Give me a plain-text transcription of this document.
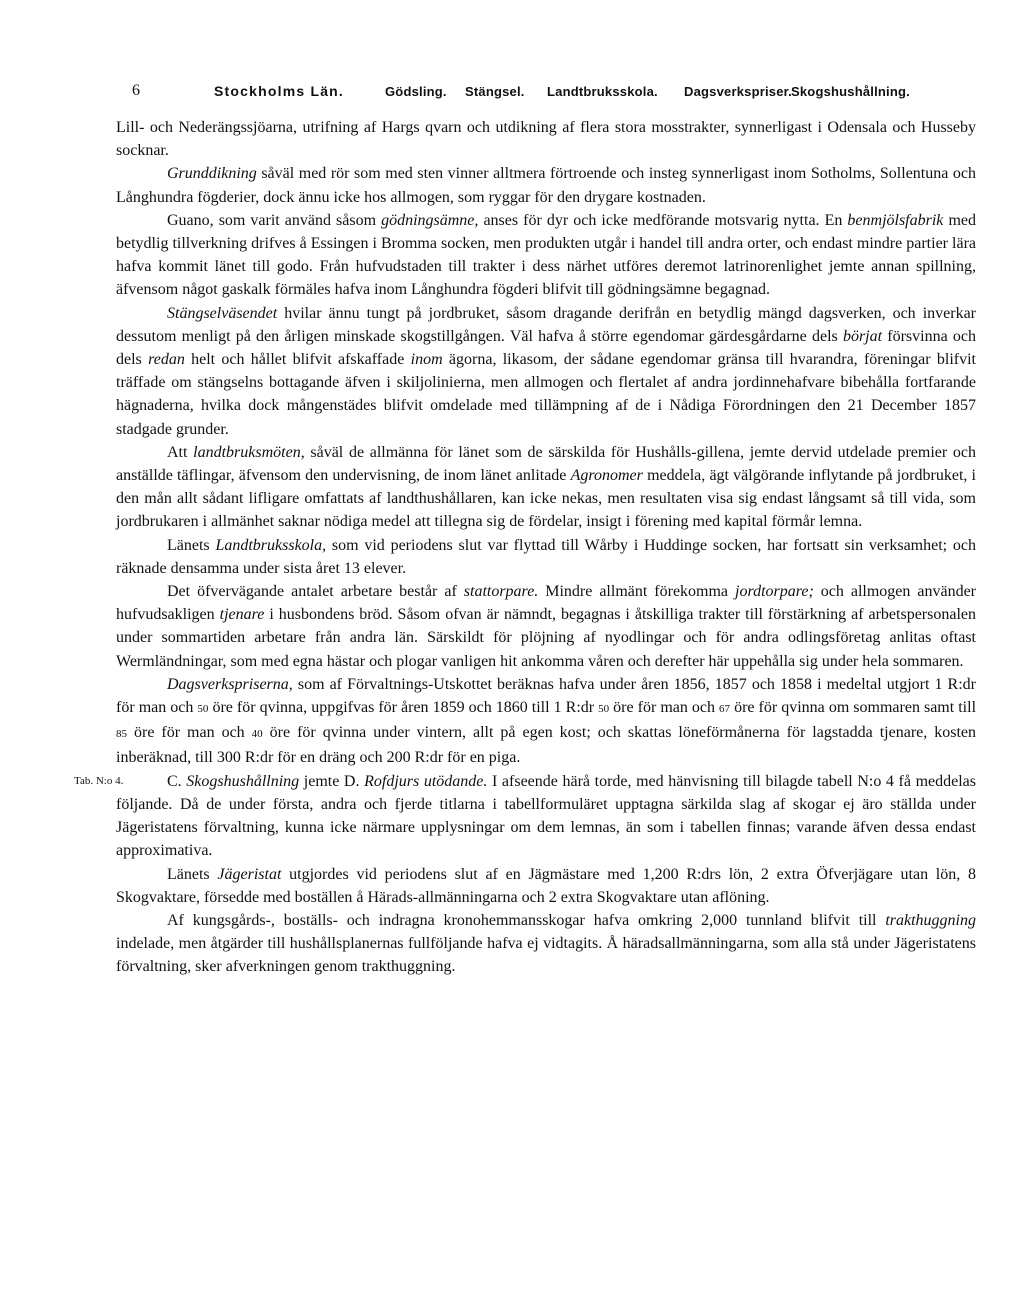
6	Stockholms Län.	Gödsling. Stängsel. Landtbruksskola. Dagsverkspriser. Skogshushållning.

Lill- och Nederängssjöarna, utrifning af Hargs qvarn och utdikning af flera stora mosstrakter, synnerligast i Odensala och Husseby socknar.

Grunddikning såväl med rör som med sten vinner alltmera förtroende och insteg synnerligast inom Sotholms, Sollentuna och Långhundra fögderier, dock ännu icke hos allmogen, som ryggar för den drygare kostnaden.

Guano, som varit använd såsom gödningsämne, anses för dyr och icke medförande motsvarig nytta. En benmjölsfabrik med betydlig tillverkning drifves å Essingen i Bromma socken, men produkten utgår i handel till andra orter, och endast mindre partier lära hafva kommit länet till godo. Från hufvudstaden till trakter i dess närhet utföres deremot latrinorenlighet jemte annan spillning, äfvensom något gaskalk förmäles hafva inom Långhundra fögderi blifvit till gödningsämne begagnad.

Stängselväsendet hvilar ännu tungt på jordbruket, såsom dragande derifrån en betydlig mängd dagsverken, och inverkar dessutom menligt på den årligen minskade skogstillgången. Väl hafva å större egendomar gärdesgårdarne dels börjat försvinna och dels redan helt och hållet blifvit afskaffade inom ägorna, likasom, der sådane egendomar gränsa till hvarandra, föreningar blifvit träffade om stängselns bottagande äfven i skiljolinierna, men allmogen och flertalet af andra jordinnehafvare bibehålla fortfarande hägnaderna, hvilka dock mångenstädes blifvit omdelade med tillämpning af de i Nådiga Förordningen den 21 December 1857 stadgade grunder.

Att landtbruksmöten, såväl de allmänna för länet som de särskilda för Hushålls-gillena, jemte dervid utdelade premier och anställde täflingar, äfvensom den undervisning, de inom länet anlitade Agronomer meddela, ägt välgörande inflytande på jordbruket, i den mån allt sådant lifligare omfattats af landthushållaren, kan icke nekas, men resultaten visa sig endast långsamt så till vida, som jordbrukaren i allmänhet saknar nödiga medel att tillegna sig de fördelar, insigt i förening med kapital förmår lemna.

Länets Landtbruksskola, som vid periodens slut var flyttad till Wårby i Huddinge socken, har fortsatt sin verksamhet; och räknade densamma under sista året 13 elever.

Det öfvervägande antalet arbetare består af stattorpare. Mindre allmänt förekomma jordtorpare; och allmogen använder hufvudsakligen tjenare i husbondens bröd. Såsom ofvan är nämndt, begagnas i åtskilliga trakter till förstärkning af arbetspersonalen under sommartiden arbetare från andra län. Särskildt för plöjning af nyodlingar och för andra odlingsföretag anlitas oftast Wermländningar, som med egna hästar och plogar vanligen hit ankomma våren och derefter här uppehålla sig under hela sommaren.

Dagsverkspriserna, som af Förvaltnings-Utskottet beräknas hafva under åren 1856, 1857 och 1858 i medeltal utgjort 1 R:dr för man och 50 öre för qvinna, uppgifvas för åren 1859 och 1860 till 1 R:dr 50 öre för man och 67 öre för qvinna om sommaren samt till 85 öre för man och 40 öre för qvinna under vintern, allt på egen kost; och skattas löneförmånerna för lagstadda tjenare, kosten inberäknad, till 300 R:dr för en dräng och 200 R:dr för en piga.

Tab. N:o 4.	C. Skogshushållning jemte D. Rofdjurs utödande. I afseende härå torde, med hänvisning till bilagde tabell N:o 4 få meddelas följande. Då de under första, andra och fjerde titlarna i tabellformuläret upptagna särkilda slag af skogar ej äro ställda under Jägeristatens förvaltning, kunna icke närmare upplysningar om dem lemnas, än som i tabellen finnas; varande äfven dessa endast approximativa.

Länets Jägeristat utgjordes vid periodens slut af en Jägmästare med 1,200 R:drs lön, 2 extra Öfverjägare utan lön, 8 Skogvaktare, försedde med boställen å Härads-allmänningarna och 2 extra Skogvaktare utan aflöning.

Af kungsgårds-, boställs- och indragna kronohemmansskogar hafva omkring 2,000 tunnland blifvit till trakthuggning indelade, men åtgärder till hushållsplanernas fullföljande hafva ej vidtagits. Å häradsallmänningarna, som alla stå under Jägeristatens förvaltning, sker afverkningen genom trakthuggning.
